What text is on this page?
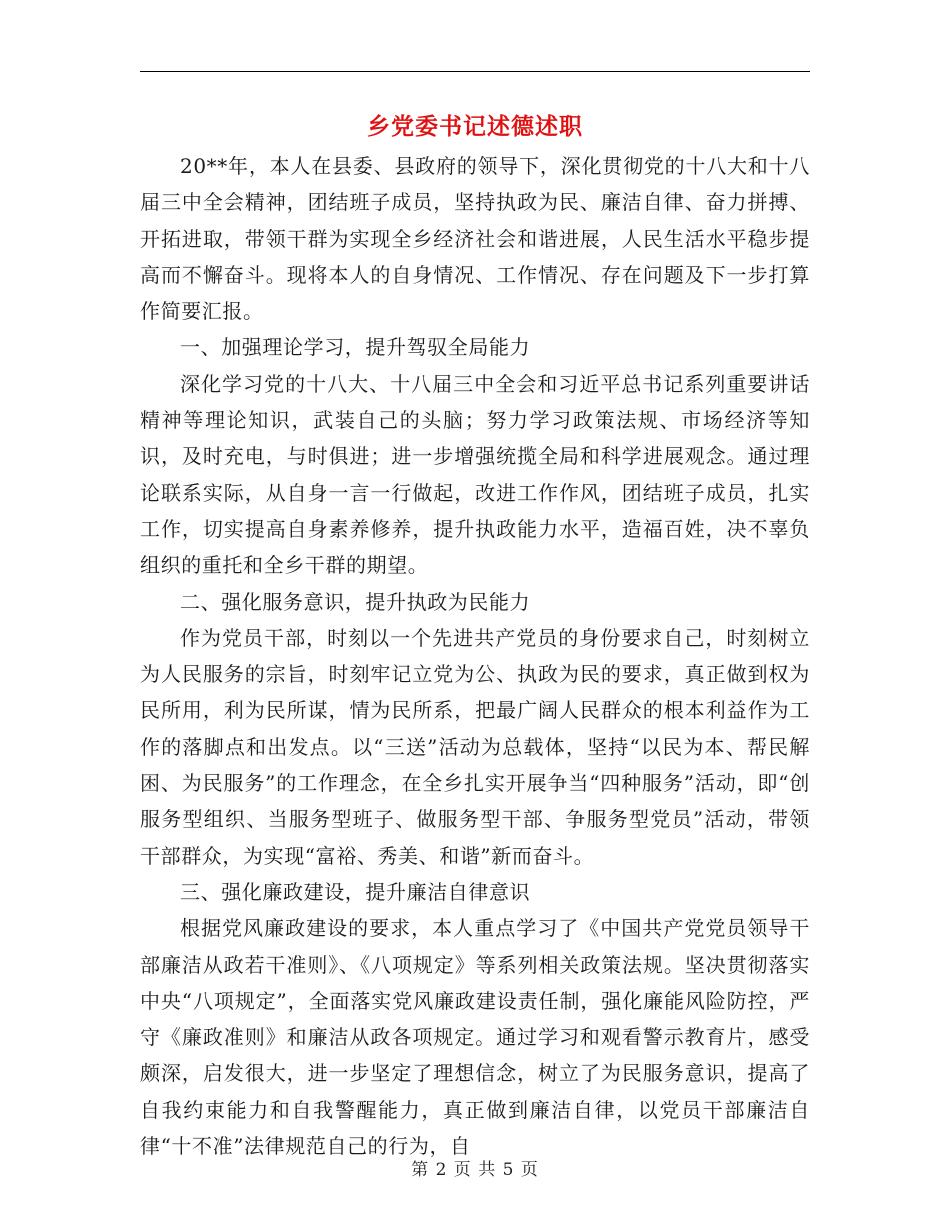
乡党委书记述德述职

20**年，本人在县委、县政府的领导下，深化贯彻党的十八大和十八届三中全会精神，团结班子成员，坚持执政为民、廉洁自律、奋力拼搏、开拓进取，带领干群为实现全乡经济社会和谐进展，人民生活水平稳步提高而不懈奋斗。现将本人的自身情况、工作情况、存在问题及下一步打算作简要汇报。

一、加强理论学习，提升驾驭全局能力

深化学习党的十八大、十八届三中全会和习近平总书记系列重要讲话精神等理论知识，武装自己的头脑；努力学习政策法规、市场经济等知识，及时充电，与时俱进；进一步增强统揽全局和科学进展观念。通过理论联系实际，从自身一言一行做起，改进工作作风，团结班子成员，扎实工作，切实提高自身素养修养，提升执政能力水平，造福百姓，决不辜负组织的重托和全乡干群的期望。

二、强化服务意识，提升执政为民能力

作为党员干部，时刻以一个先进共产党员的身份要求自己，时刻树立为人民服务的宗旨，时刻牢记立党为公、执政为民的要求，真正做到权为民所用，利为民所谋，情为民所系，把最广阔人民群众的根本利益作为工作的落脚点和出发点。以“三送”活动为总载体，坚持“以民为本、帮民解困、为民服务”的工作理念，在全乡扎实开展争当“四种服务”活动，即“创服务型组织、当服务型班子、做服务型干部、争服务型党员”活动，带领干部群众，为实现“富裕、秀美、和谐”新而奋斗。

三、强化廉政建设，提升廉洁自律意识

根据党风廉政建设的要求，本人重点学习了《中国共产党党员领导干部廉洁从政若干准则》、《八项规定》等系列相关政策法规。坚决贯彻落实中央“八项规定”，全面落实党风廉政建设责任制，强化廉能风险防控，严守《廉政准则》和廉洁从政各项规定。通过学习和观看警示教育片，感受颇深，启发很大，进一步坚定了理想信念，树立了为民服务意识，提高了自我约束能力和自我警醒能力，真正做到廉洁自律，以党员干部廉洁自律“十不准”法律规范自己的行为，自

第 2 页 共 5 页
